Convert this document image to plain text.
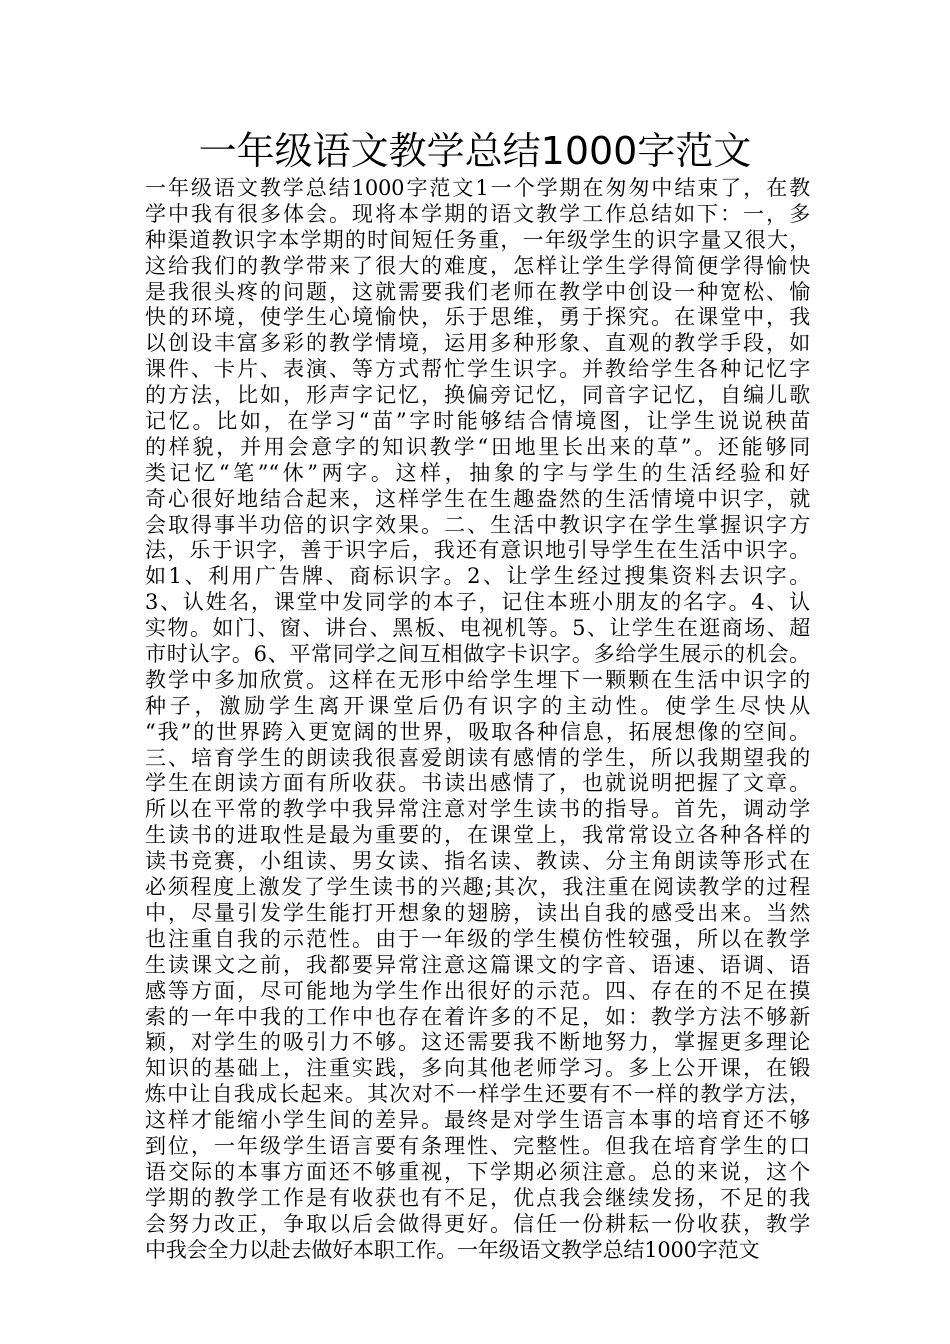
一年级语文教学总结1000字范文
一年级语文教学总结1000字范文1一个学期在匆匆中结束了，在教
学中我有很多体会。现将本学期的语文教学工作总结如下：一，多
种渠道教识字本学期的时间短任务重，一年级学生的识字量又很大，
这给我们的教学带来了很大的难度，怎样让学生学得简便学得愉快
是我很头疼的问题，这就需要我们老师在教学中创设一种宽松、愉
快的环境，使学生心境愉快，乐于思维，勇于探究。在课堂中，我
以创设丰富多彩的教学情境，运用多种形象、直观的教学手段，如
课件、卡片、表演、等方式帮忙学生识字。并教给学生各种记忆字
的方法，比如，形声字记忆，换偏旁记忆，同音字记忆，自编儿歌
记忆。比如，在学习“苗”字时能够结合情境图，让学生说说秧苗
的样貌，并用会意字的知识教学“田地里长出来的草”。还能够同
类记忆“笔”“休”两字。这样，抽象的字与学生的生活经验和好
奇心很好地结合起来，这样学生在生趣盎然的生活情境中识字，就
会取得事半功倍的识字效果。二、生活中教识字在学生掌握识字方
法，乐于识字，善于识字后，我还有意识地引导学生在生活中识字。
如1、利用广告牌、商标识字。2、让学生经过搜集资料去识字。
3、认姓名，课堂中发同学的本子，记住本班小朋友的名字。4、认
实物。如门、窗、讲台、黑板、电视机等。5、让学生在逛商场、超
市时认字。6、平常同学之间互相做字卡识字。多给学生展示的机会。
教学中多加欣赏。这样在无形中给学生埋下一颗颗在生活中识字的
种子，激励学生离开课堂后仍有识字的主动性。使学生尽快从
“我”的世界跨入更宽阔的世界，吸取各种信息，拓展想像的空间。
三、培育学生的朗读我很喜爱朗读有感情的学生，所以我期望我的
学生在朗读方面有所收获。书读出感情了，也就说明把握了文章。
所以在平常的教学中我异常注意对学生读书的指导。首先，调动学
生读书的进取性是最为重要的，在课堂上，我常常设立各种各样的
读书竞赛，小组读、男女读、指名读、教读、分主角朗读等形式在
必须程度上激发了学生读书的兴趣;其次，我注重在阅读教学的过程
中，尽量引发学生能打开想象的翅膀，读出自我的感受出来。当然
也注重自我的示范性。由于一年级的学生模仿性较强，所以在教学
生读课文之前，我都要异常注意这篇课文的字音、语速、语调、语
感等方面，尽可能地为学生作出很好的示范。四、存在的不足在摸
索的一年中我的工作中也存在着许多的不足，如：教学方法不够新
颖，对学生的吸引力不够。这还需要我不断地努力，掌握更多理论
知识的基础上，注重实践，多向其他老师学习。多上公开课，在锻
炼中让自我成长起来。其次对不一样学生还要有不一样的教学方法，
这样才能缩小学生间的差异。最终是对学生语言本事的培育还不够
到位，一年级学生语言要有条理性、完整性。但我在培育学生的口
语交际的本事方面还不够重视，下学期必须注意。总的来说，这个
学期的教学工作是有收获也有不足，优点我会继续发扬，不足的我
会努力改正，争取以后会做得更好。信任一份耕耘一份收获，教学
中我会全力以赴去做好本职工作。一年级语文教学总结1000字范文
